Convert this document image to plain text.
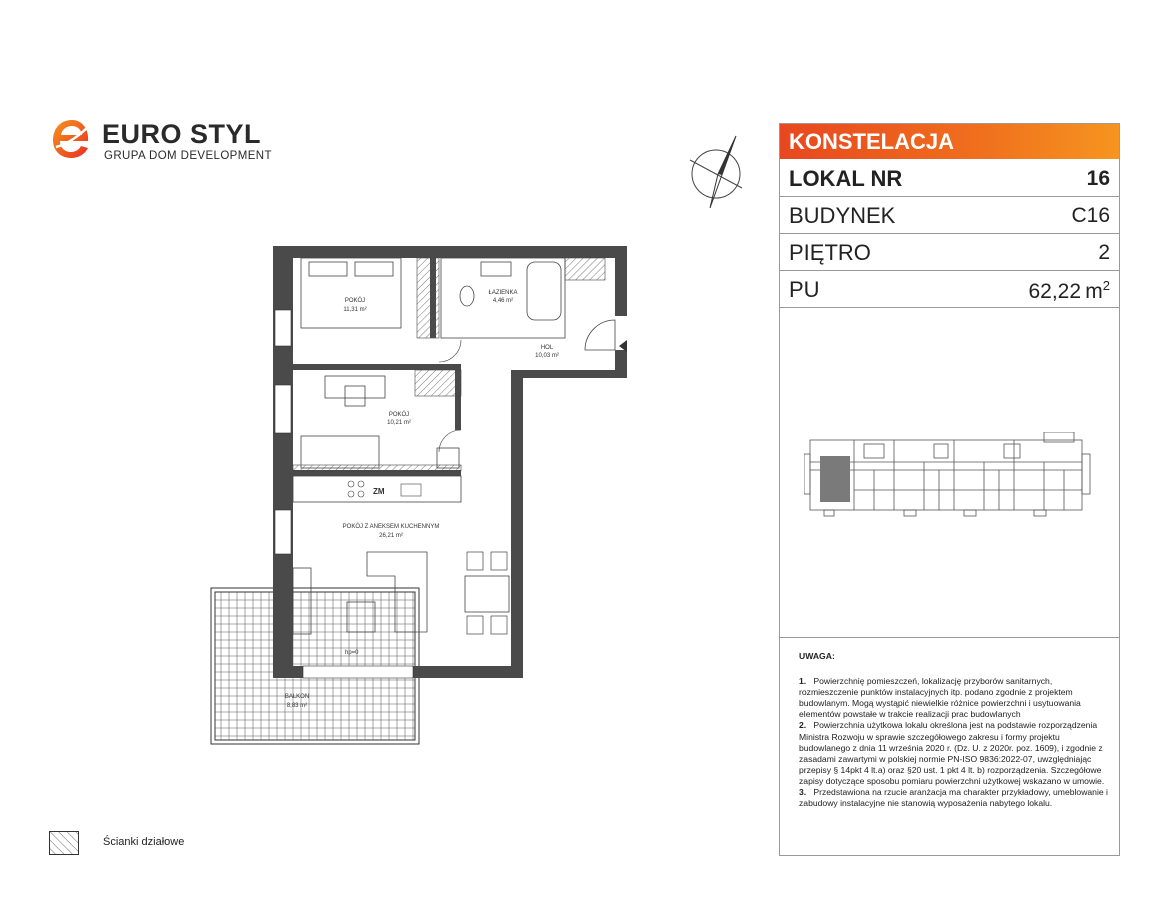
EURO STYL
GRUPA DOM DEVELOPMENT
KONSTELACJA
LOKAL NR	16
BUDYNEK	C16
PIĘTRO	2
PU	62,22  $m^2$
UWAGA:

1. Powierzchnię pomieszczeń, lokalizację przyborów sanitarnych, rozmieszczenie punktów instalacyjnych itp. podano zgodnie z projektem budowlanym. Mogą wystąpić niewielkie różnice powierzchni i usytuowania elementów powstałe w trakcie realizacji prac budowlanych

2. Powierzchnia użytkowa lokalu określona jest na podstawie rozporządzenia Ministra Rozwoju w sprawie szczegółowego zakresu i formy projektu budowlanego z dnia 11 września 2020 r. (Dz. U. z 2020r. poz. 1609), i zgodnie z zasadami zawartymi w polskiej normie PN-ISO 9836:2022-07, uwzględniając przepisy § 14pkt 4 lt.a) oraz §20 ust. 1 pkt 4 lt. b) rozporządzenia. Szczegółowe zapisy dotyczące sposobu pomiaru powierzchni użytkowej wskazano w umowie.

3. Przedstawiona na rzucie aranżacja ma charakter przykładowy, umeblowanie i zabudowy instalacyjne nie stanowią wyposażenia nabytego lokalu.

POKÓJ
11,31 m²
ŁAZIENKA
4,46 m²
HOL
10,03 m²
POKÓJ
10,21 m²
POKÓJ Z ANEKSEM KUCHENNYM
26,21 m²
BALKON
8,83 m²
ZM
hp=0
Ścianki działowe
